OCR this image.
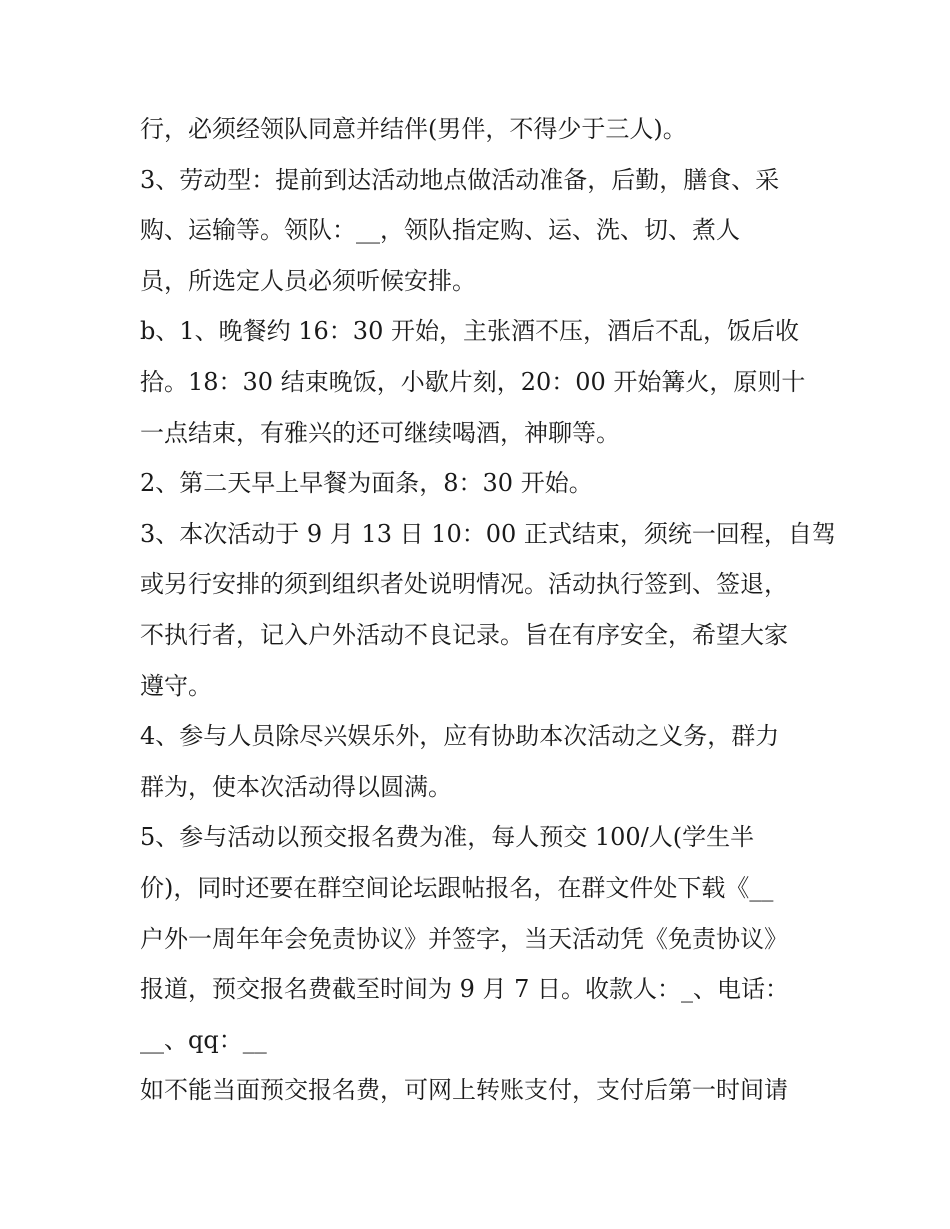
行，必须经领队同意并结伴(男伴，不得少于三人)。

3、劳动型：提前到达活动地点做活动准备，后勤，膳食、采

购、运输等。领队：__，领队指定购、运、洗、切、煮人

员，所选定人员必须听候安排。

b、1、晚餐约 16：30 开始，主张酒不压，酒后不乱，饭后收

拾。18：30 结束晚饭，小歇片刻，20：00 开始篝火，原则十

一点结束，有雅兴的还可继续喝酒，神聊等。

2、第二天早上早餐为面条，8：30 开始。

3、本次活动于 9 月 13 日 10：00 正式结束，须统一回程，自驾

或另行安排的须到组织者处说明情况。活动执行签到、签退，

不执行者，记入户外活动不良记录。旨在有序安全，希望大家

遵守。

4、参与人员除尽兴娱乐外，应有协助本次活动之义务，群力

群为，使本次活动得以圆满。

5、参与活动以预交报名费为准，每人预交 100/人(学生半

价)，同时还要在群空间论坛跟帖报名，在群文件处下载《__

户外一周年年会免责协议》并签字，当天活动凭《免责协议》

报道，预交报名费截至时间为 9 月 7 日。收款人：_、电话：

__、qq：__

如不能当面预交报名费，可网上转账支付，支付后第一时间请
